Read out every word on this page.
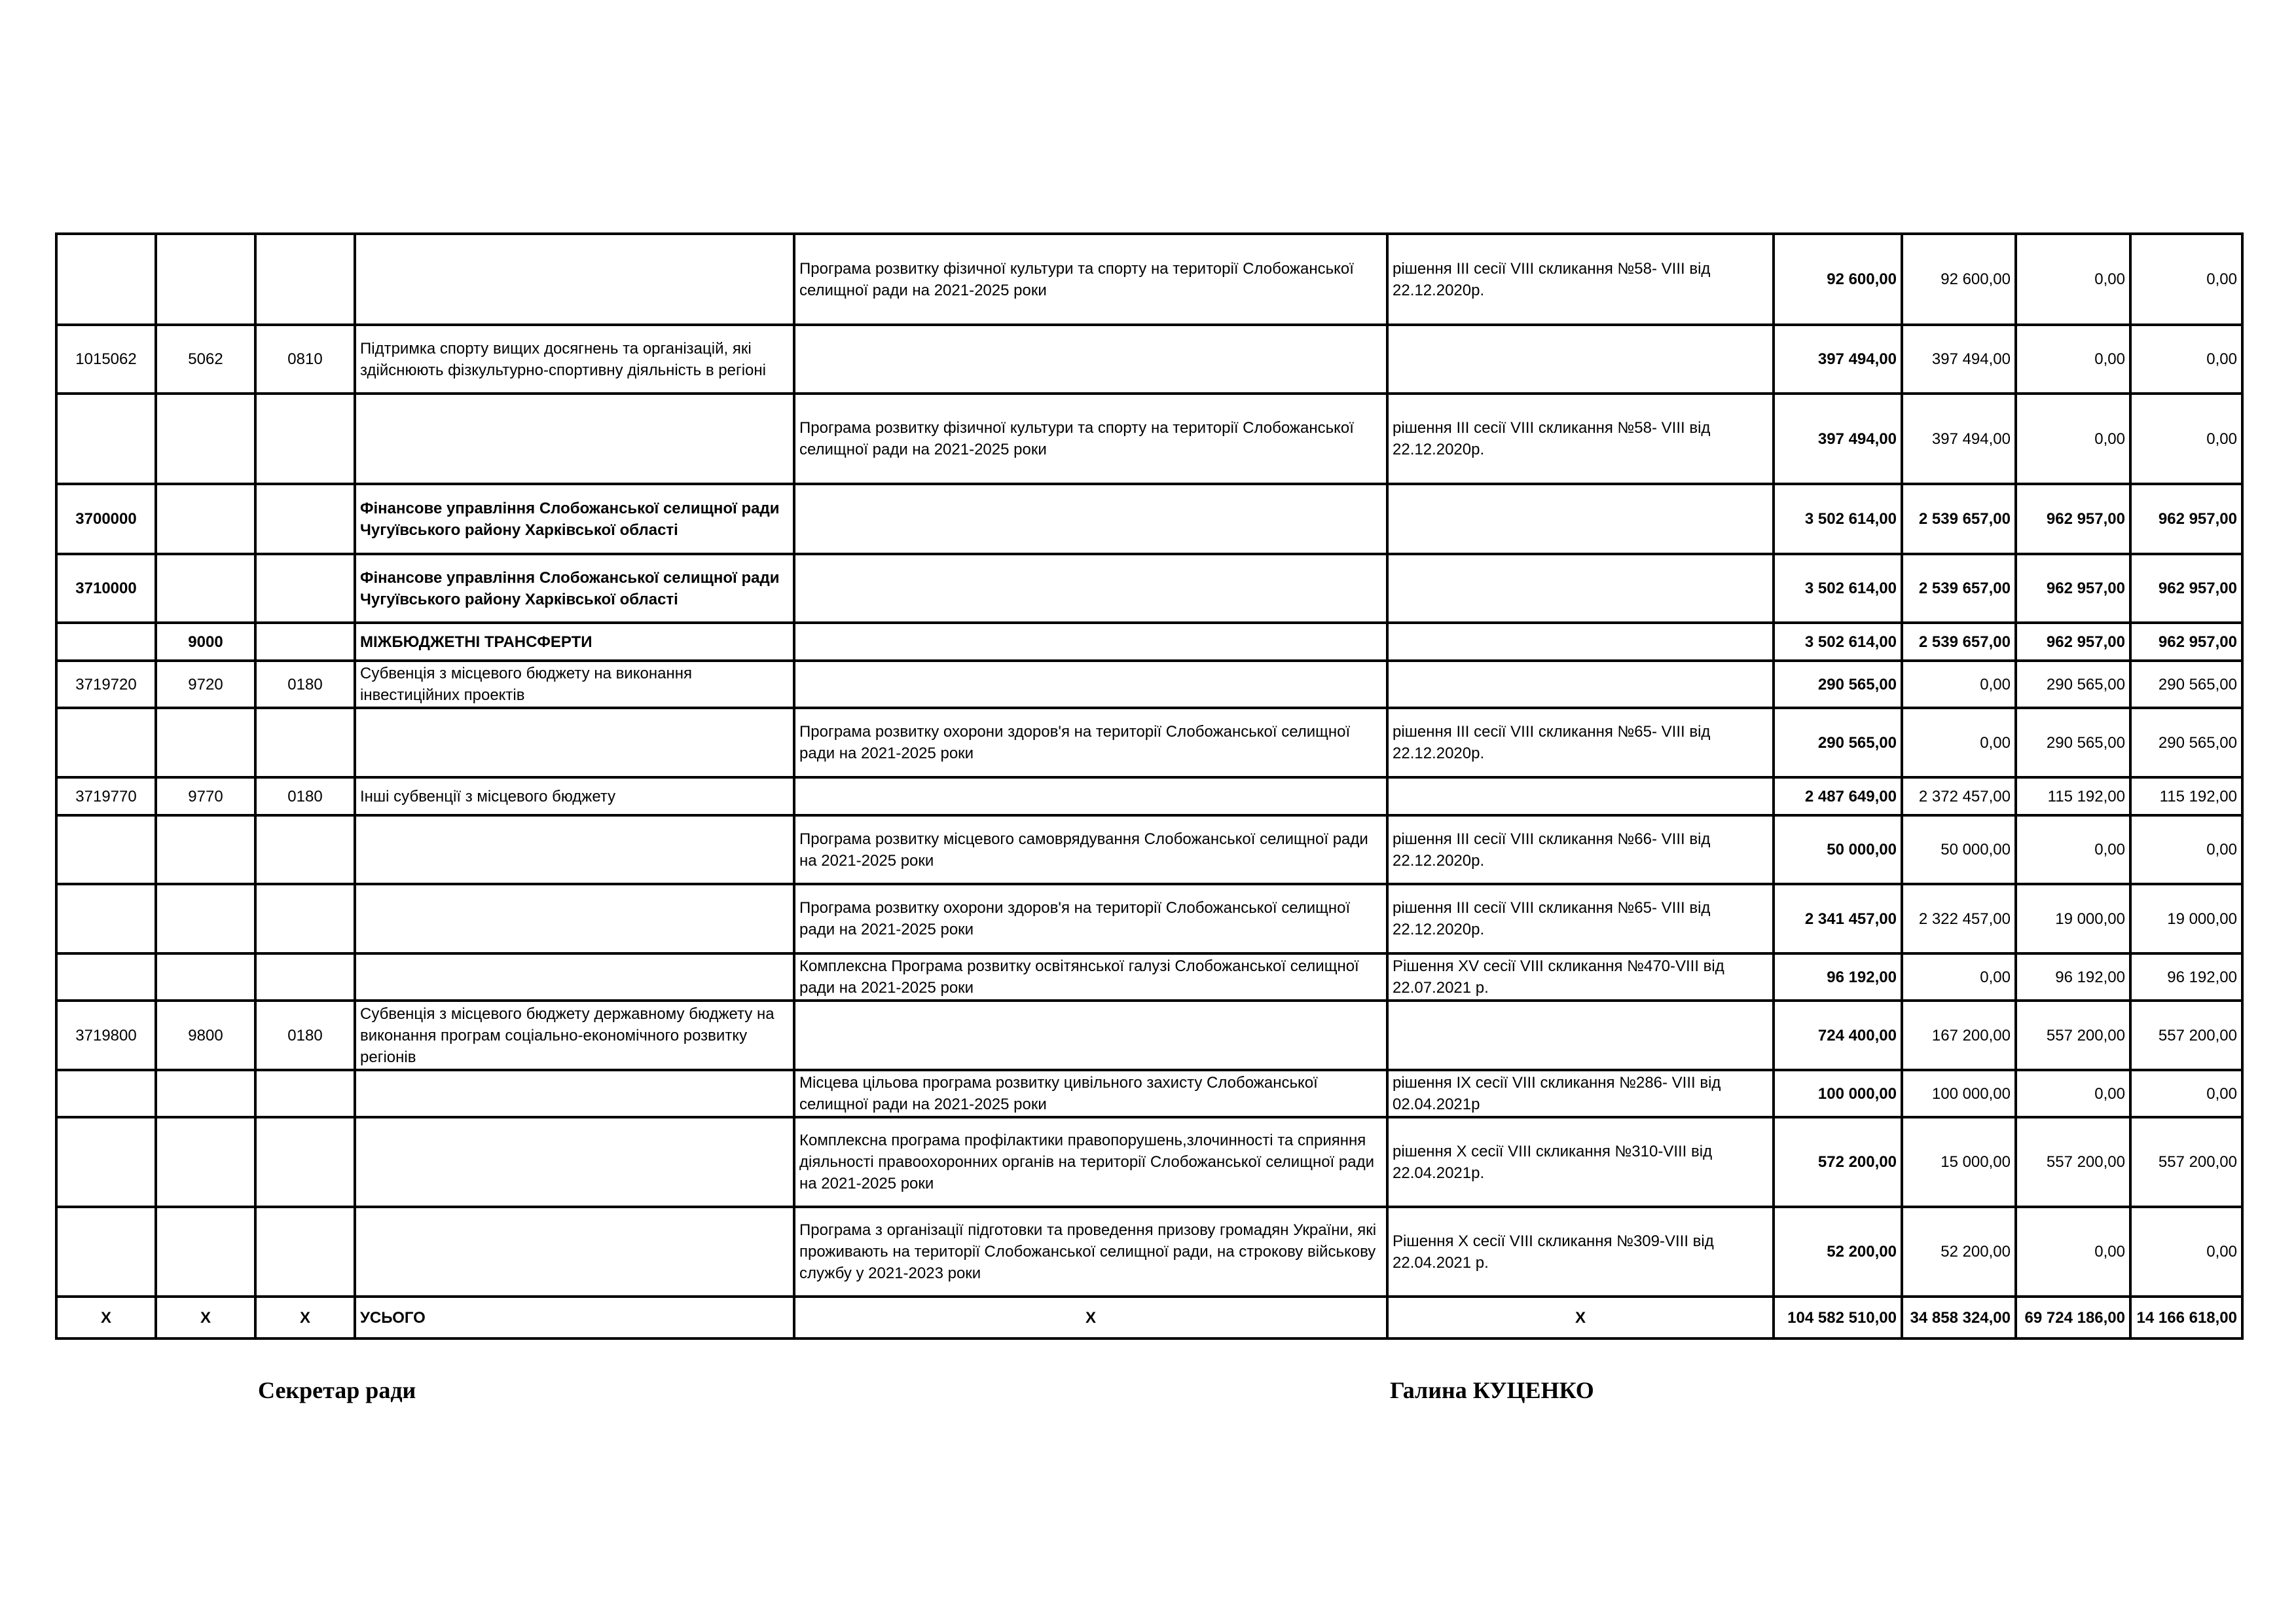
				Програма розвитку фізичної культури та спорту на території Слобожанської селищної ради на 2021-2025 роки	рішення ІІІ сесії VIII скликання №58- VIII від 22.12.2020р.	92 600,00	92 600,00	0,00	0,00
1015062	5062	0810	Підтримка спорту вищих досягнень та організацій, які здійснюють фізкультурно-спортивну діяльність в регіоні			397 494,00	397 494,00	0,00	0,00
				Програма розвитку фізичної культури та спорту на території Слобожанської селищної ради на 2021-2025 роки	рішення ІІІ сесії VIII скликання №58- VIII від 22.12.2020р.	397 494,00	397 494,00	0,00	0,00
3700000			Фінансове управління Слобожанської селищної ради Чугуївського району Харківської області			3 502 614,00	2 539 657,00	962 957,00	962 957,00
3710000			Фінансове управління Слобожанської селищної ради Чугуївського району Харківської області			3 502 614,00	2 539 657,00	962 957,00	962 957,00
	9000		МІЖБЮДЖЕТНІ ТРАНСФЕРТИ			3 502 614,00	2 539 657,00	962 957,00	962 957,00
3719720	9720	0180	Субвенція з місцевого бюджету на виконання інвестиційних проектів			290 565,00	0,00	290 565,00	290 565,00
				Програма розвитку охорони здоров'я на території Слобожанської селищної ради на 2021-2025 роки	рішення ІІІ сесії VIII скликання №65- VIII від 22.12.2020р.	290 565,00	0,00	290 565,00	290 565,00
3719770	9770	0180	Інші субвенції з місцевого бюджету			2 487 649,00	2 372 457,00	115 192,00	115 192,00
				Програма розвитку місцевого самоврядування Слобожанської селищної ради на 2021-2025 роки	рішення ІІІ сесії VIII скликання №66- VIII від 22.12.2020р.	50 000,00	50 000,00	0,00	0,00
				Програма розвитку охорони здоров'я на території Слобожанської селищної ради на 2021-2025 роки	рішення ІІІ сесії VIII скликання №65- VIII від 22.12.2020р.	2 341 457,00	2 322 457,00	19 000,00	19 000,00
				Комплексна Програма розвитку освітянської галузі Слобожанської селищної ради на 2021-2025 роки	Рішення XV сесії VIII скликання №470-VIII від 22.07.2021 р.	96 192,00	0,00	96 192,00	96 192,00
3719800	9800	0180	Субвенція з місцевого бюджету державному бюджету на виконання програм соціально-економічного розвитку регіонів			724 400,00	167 200,00	557 200,00	557 200,00
				Місцева цільова програма розвитку цивільного захисту Слобожанської селищної ради на 2021-2025 роки	рішення ІХ сесії VIII скликання №286- VIII від 02.04.2021р	100 000,00	100 000,00	0,00	0,00
				Комплексна програма профілактики правопорушень,злочинності та сприяння діяльності правоохоронних органів на території Слобожанської селищної ради на 2021-2025 роки	рішення Х сесії VIII скликання №310-VIII від 22.04.2021р.	572 200,00	15 000,00	557 200,00	557 200,00
				Програма з організації підготовки та проведення призову громадян України, які проживають на території Слобожанської селищної ради, на строкову військову службу у 2021-2023 роки	Рішення Х сесії VIII скликання №309-VIII від 22.04.2021 р.	52 200,00	52 200,00	0,00	0,00
X	X	X	УСЬОГО	X	X	104 582 510,00	34 858 324,00	69 724 186,00	14 166 618,00
Секретар ради	Галина КУЦЕНКО
